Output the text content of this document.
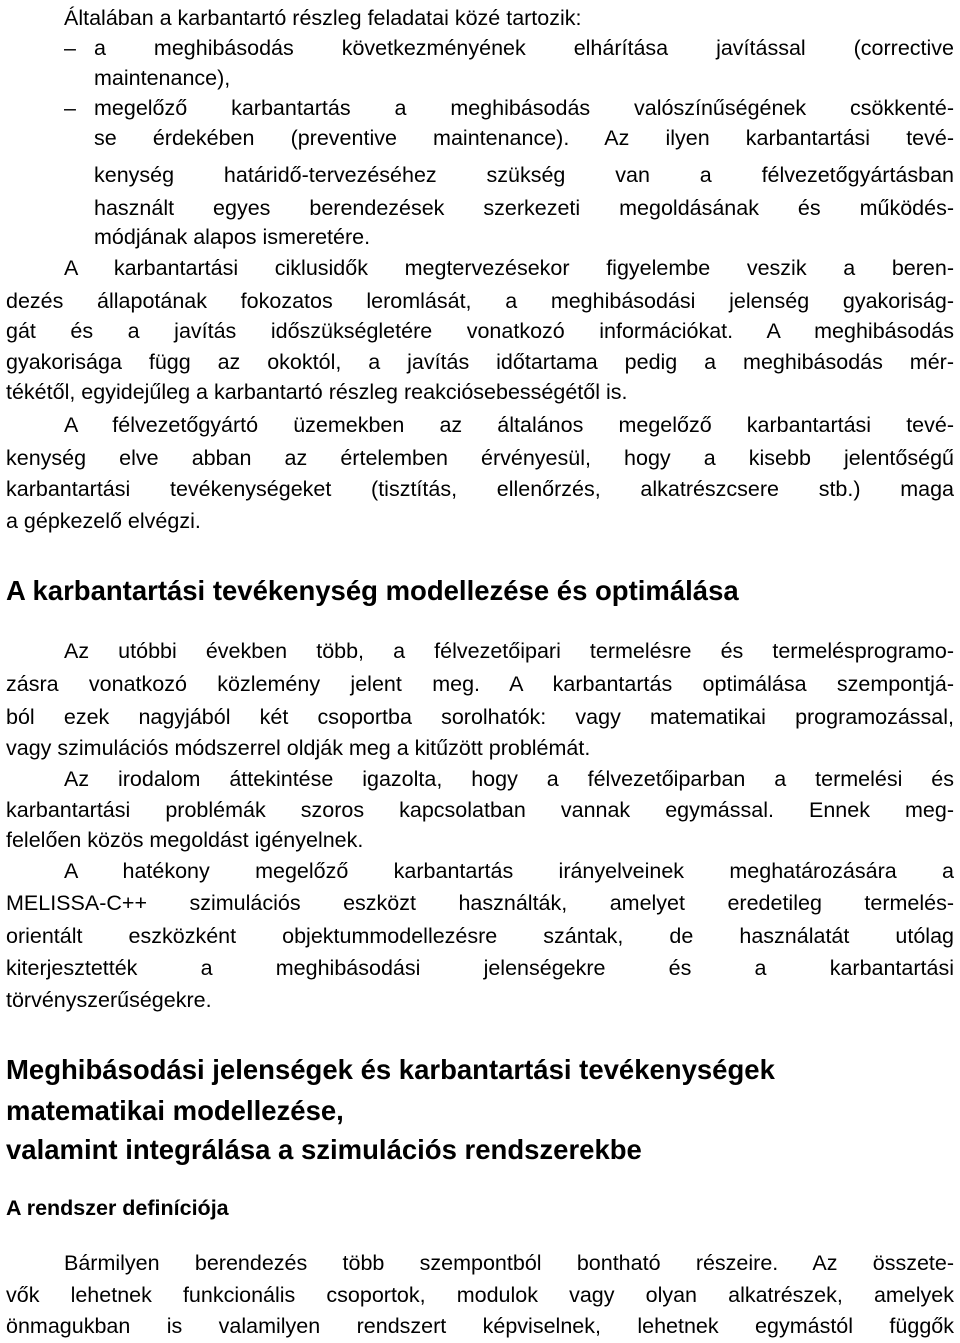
Általában a karbantartó részleg feladatai közé tartozik:
– a meghibásodás következményének elhárítása javítással (corrective
maintenance),
– megelőző karbantartás a meghibásodás valószínűségének csökkenté-
se érdekében (preventive maintenance). Az ilyen karbantartási tevé-
kenység határidő-tervezéséhez szükség van a félvezetőgyártásban
használt egyes berendezések szerkezeti megoldásának és működés-
módjának alapos ismeretére.
A karbantartási ciklusidők megtervezésekor figyelembe veszik a beren-
dezés állapotának fokozatos leromlását, a meghibásodási jelenség gyakoriság-
gát és a javítás időszükségletére vonatkozó információkat. A meghibásodás
gyakorisága függ az okoktól, a javítás időtartama pedig a meghibásodás mér-
tékétől, egyidejűleg a karbantartó részleg reakciósebességétől is.
A félvezetőgyártó üzemekben az általános megelőző karbantartási tevé-
kenység elve abban az értelemben érvényesül, hogy a kisebb jelentőségű
karbantartási tevékenységeket (tisztítás, ellenőrzés, alkatrészcsere stb.) maga
a gépkezelő elvégzi.
A karbantartási tevékenység modellezése és optimálása
Az utóbbi években több, a félvezetőipari termelésre és termelésprogramo-
zásra vonatkozó közlemény jelent meg. A karbantartás optimálása szempontjá-
ból ezek nagyjából két csoportba sorolhatók: vagy matematikai programozással,
vagy szimulációs módszerrel oldják meg a kitűzött problémát.
Az irodalom áttekintése igazolta, hogy a félvezetőiparban a termelési és
karbantartási problémák szoros kapcsolatban vannak egymással. Ennek meg-
felelően közös megoldást igényelnek.
A hatékony megelőző karbantartás irányelveinek meghatározására a
MELISSA-C++ szimulációs eszközt használták, amelyet eredetileg termelés-
orientált eszközként objektummodellezésre szántak, de használatát utólag
kiterjesztették a meghibásodási jelenségekre és a karbantartási
törvényszerűségekre.
Meghibásodási jelenségek és karbantartási tevékenységek
matematikai modellezése,
valamint integrálása a szimulációs rendszerekbe
A rendszer definíciója
Bármilyen berendezés több szempontból bontható részeire. Az összete-
vők lehetnek funkcionális csoportok, modulok vagy olyan alkatrészek, amelyek
önmagukban is valamilyen rendszert képviselnek, lehetnek egymástól függők
